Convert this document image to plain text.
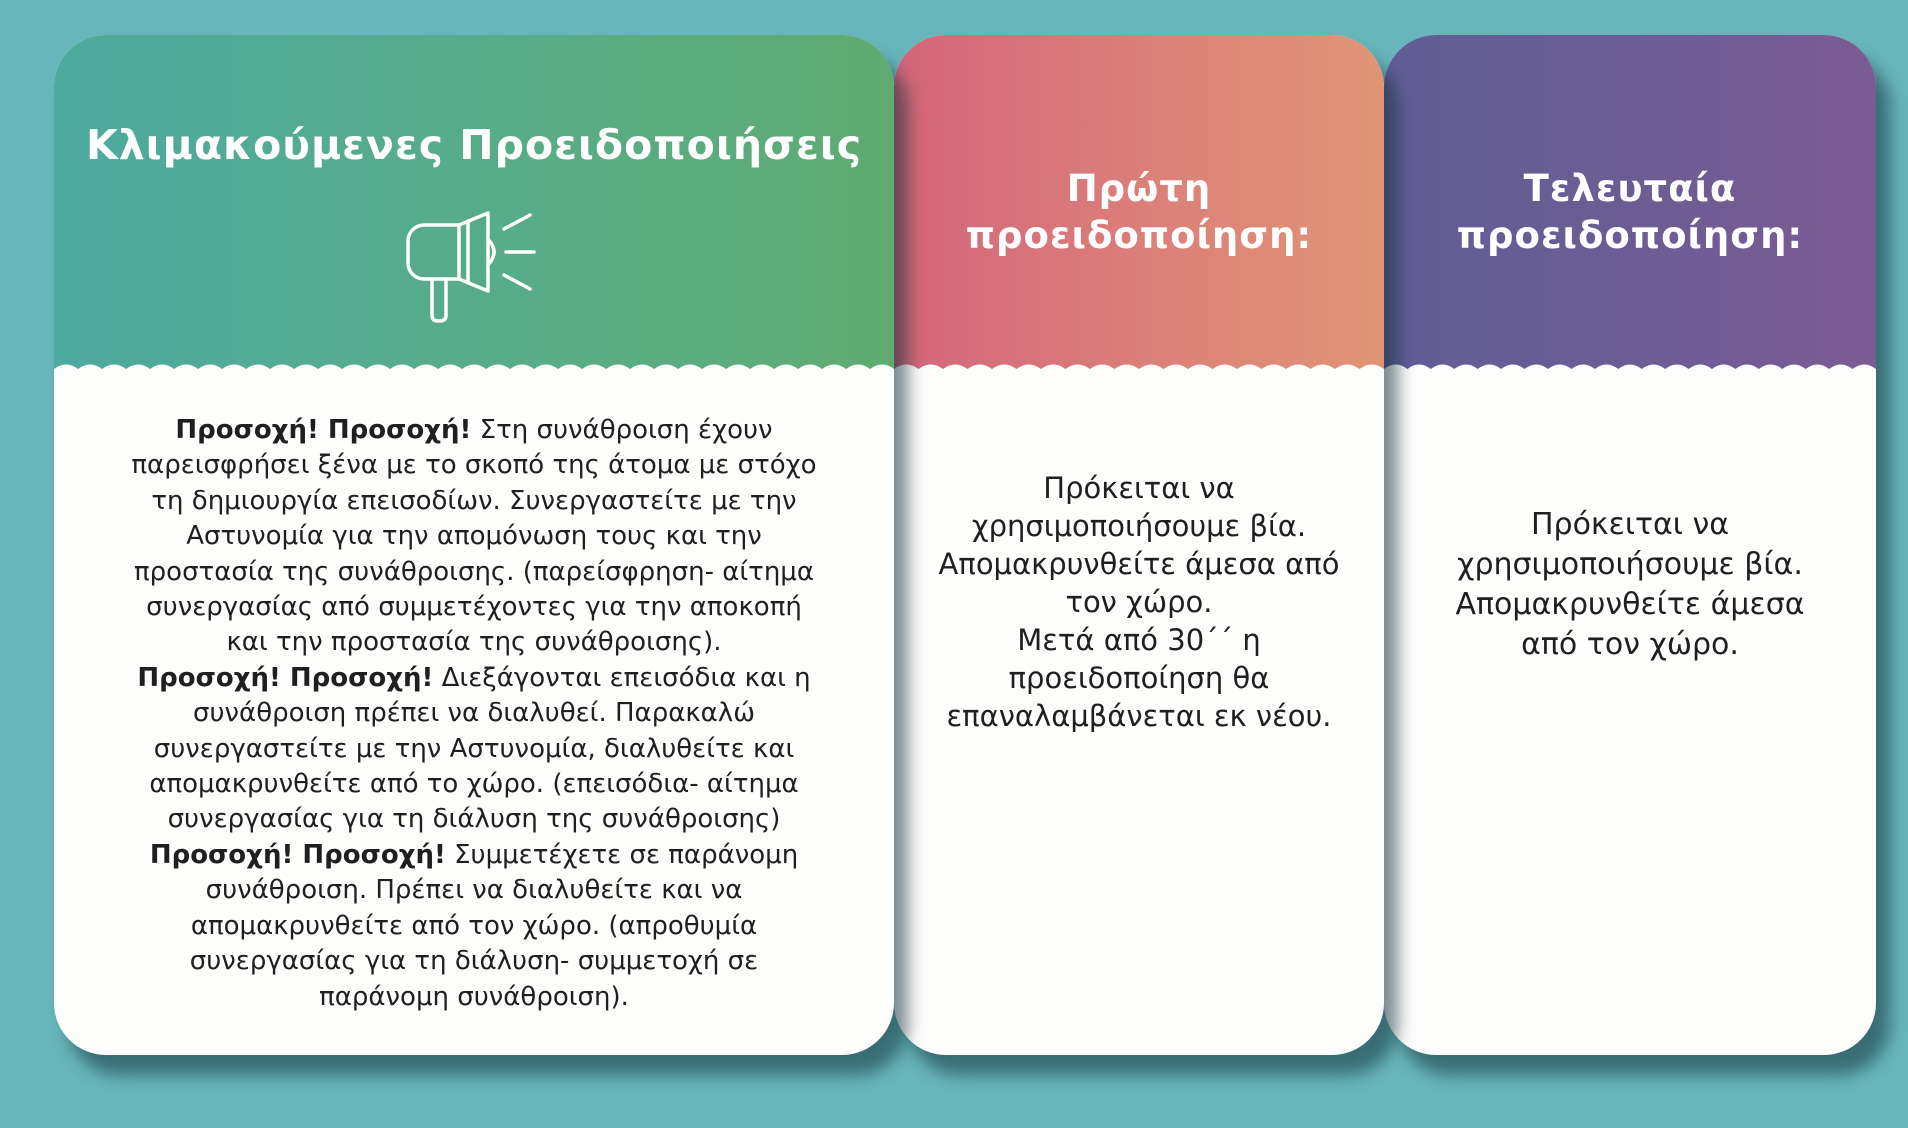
Κλιμακούμενες Προειδοποιήσεις

Προσοχή! Προσοχή! Στη συνάθροιση έχουν παρεισφρήσει ξένα με το σκοπό της άτομα με στόχο τη δημιουργία επεισοδίων. Συνεργαστείτε με την Αστυνομία για την απομόνωση τους και την προστασία της συνάθροισης. (παρείσφρηση- αίτημα συνεργασίας από συμμετέχοντες για την αποκοπή και την προστασία της συνάθροισης).

Προσοχή! Προσοχή! Διεξάγονται επεισόδια και η συνάθροιση πρέπει να διαλυθεί. Παρακαλώ συνεργαστείτε με την Αστυνομία, διαλυθείτε και απομακρυνθείτε από το χώρο. (επεισόδια- αίτημα συνεργασίας για τη διάλυση της συνάθροισης)

Προσοχή! Προσοχή! Συμμετέχετε σε παράνομη συνάθροιση. Πρέπει να διαλυθείτε και να απομακρυνθείτε από τον χώρο. (απροθυμία συνεργασίας για τη διάλυση- συμμετοχή σε παράνομη συνάθροιση).

Πρώτη προειδοποίηση:

Πρόκειται να χρησιμοποιήσουμε βία.

Απομακρυνθείτε άμεσα από τον χώρο.

Μετά από 30΄΄ η προειδοποίηση θα επαναλαμβάνεται εκ νέου.

Τελευταία προειδοποίηση:

Πρόκειται να χρησιμοποιήσουμε βία.

Απομακρυνθείτε άμεσα από τον χώρο.
